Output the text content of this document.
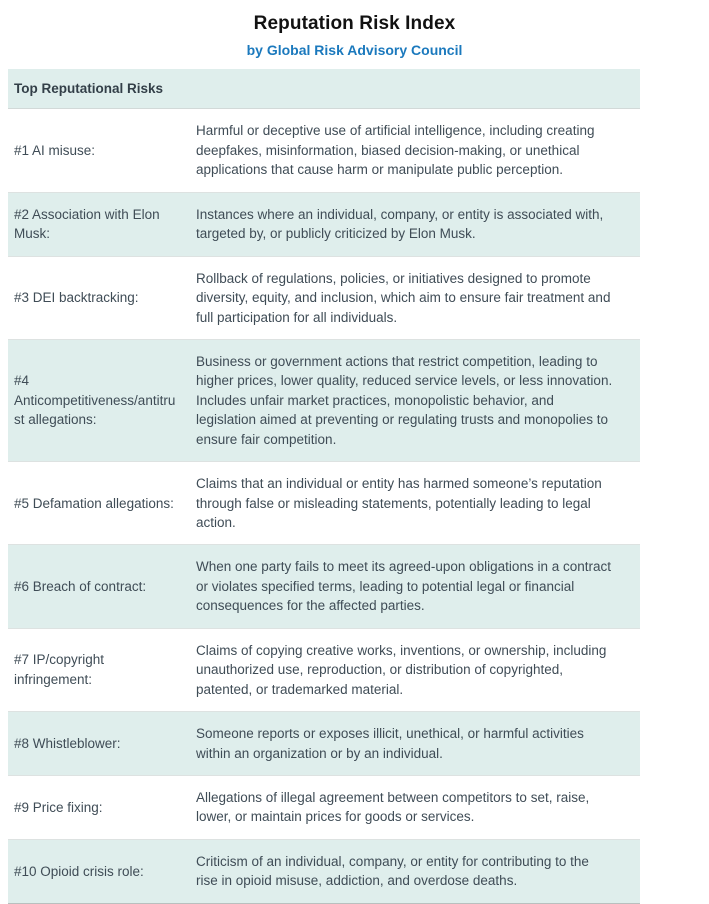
Reputation Risk Index
by Global Risk Advisory Council
Top Reputational Risks	
#1 AI misuse:	Harmful or deceptive use of artificial intelligence, including creating deepfakes, misinformation, biased decision-making, or unethical applications that cause harm or manipulate public perception.
#2 Association with Elon Musk:	Instances where an individual, company, or entity is associated with, targeted by, or publicly criticized by Elon Musk.
#3 DEI backtracking:	Rollback of regulations, policies, or initiatives designed to promote diversity, equity, and inclusion, which aim to ensure fair treatment and full participation for all individuals.
#4 Anticompetitiveness/antitrust allegations:	Business or government actions that restrict competition, leading to higher prices, lower quality, reduced service levels, or less innovation. Includes unfair market practices, monopolistic behavior, and legislation aimed at preventing or regulating trusts and monopolies to ensure fair competition.
#5 Defamation allegations:	Claims that an individual or entity has harmed someone’s reputation through false or misleading statements, potentially leading to legal action.
#6 Breach of contract:	When one party fails to meet its agreed-upon obligations in a contract or violates specified terms, leading to potential legal or financial consequences for the affected parties.
#7 IP/copyright infringement:	Claims of copying creative works, inventions, or ownership, including unauthorized use, reproduction, or distribution of copyrighted, patented, or trademarked material.
#8 Whistleblower:	Someone reports or exposes illicit, unethical, or harmful activities within an organization or by an individual.
#9 Price fixing:	Allegations of illegal agreement between competitors to set, raise, lower, or maintain prices for goods or services.
#10 Opioid crisis role:	Criticism of an individual, company, or entity for contributing to the rise in opioid misuse, addiction, and overdose deaths.
